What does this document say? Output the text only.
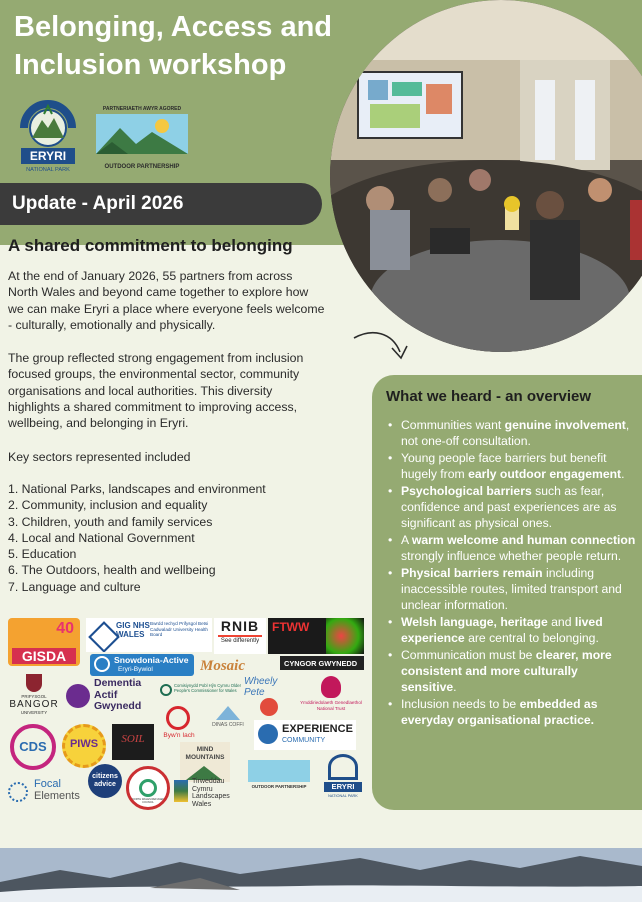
Belonging, Access and
Inclusion workshop
ERYRI
NATIONAL PARK
PARTNERIAETH AWYR AGORED
OUTDOOR PARTNERSHIP
Update - April 2026
A shared commitment to belonging
At the end of January 2026, 55 partners from across
North Wales and beyond came together to explore how
we can make Eryri a place where everyone feels welcome
- culturally, emotionally and physically.
The group reflected strong engagement from inclusion
focused groups, the environmental sector, community
organisations and local authorities. This diversity
highlights a shared commitment to improving access,
wellbeing, and belonging in Eryri.
Key sectors represented included
1. National Parks, landscapes and environment
2. Community, inclusion and equality
3. Children, youth and family services
4. Local and National Government
5. Education
6. The Outdoors, health and wellbeing
7. Language and culture
What we heard - an overview
• Communities want genuine involvement, not one-off consultation.
• Young people face barriers but benefit hugely from early outdoor engagement.
• Psychological barriers such as fear, confidence and past experiences are as significant as physical ones.
• A warm welcome and human connection strongly influence whether people return.
• Physical barriers remain including inaccessible routes, limited transport and unclear information.
• Welsh language, heritage and lived experience are central to belonging.
• Communication must be clearer, more consistent and more culturally sensitive.
• Inclusion needs to be embedded as everyday organisational practice.
40
GISDA
GIG NHS
WALES
Bwrdd Iechyd Prifysgol Betsi Cadwaladr University Health Board
RNIB
See differently
FTWW
Snowdonia-Active
Eryri-Bywiol	Mosaic	CYNGOR GWYNEDD
PRIFYSGOL
BANGOR
UNIVERSITY
Dementia
Actif
Gwynedd
Comisiynydd Pobl Hŷn Cymru Older People's Commissioner for Wales
Wheely Pete
Ymddiriedolaeth Genedlaethol National Trust
CDS	PIWS	SOIL	Byw'n Iach
DINAS COFFI	EXPERIENCE
COMMUNITY
MIND MOUNTAINS
OUTDOOR PARTNERSHIP	ERYRI
NATIONAL PARK
Focal
Elements
citizens advice
NORTH WALES REFUGEE COUNCIL
Tirweddau
Cymru
Landscapes
Wales
